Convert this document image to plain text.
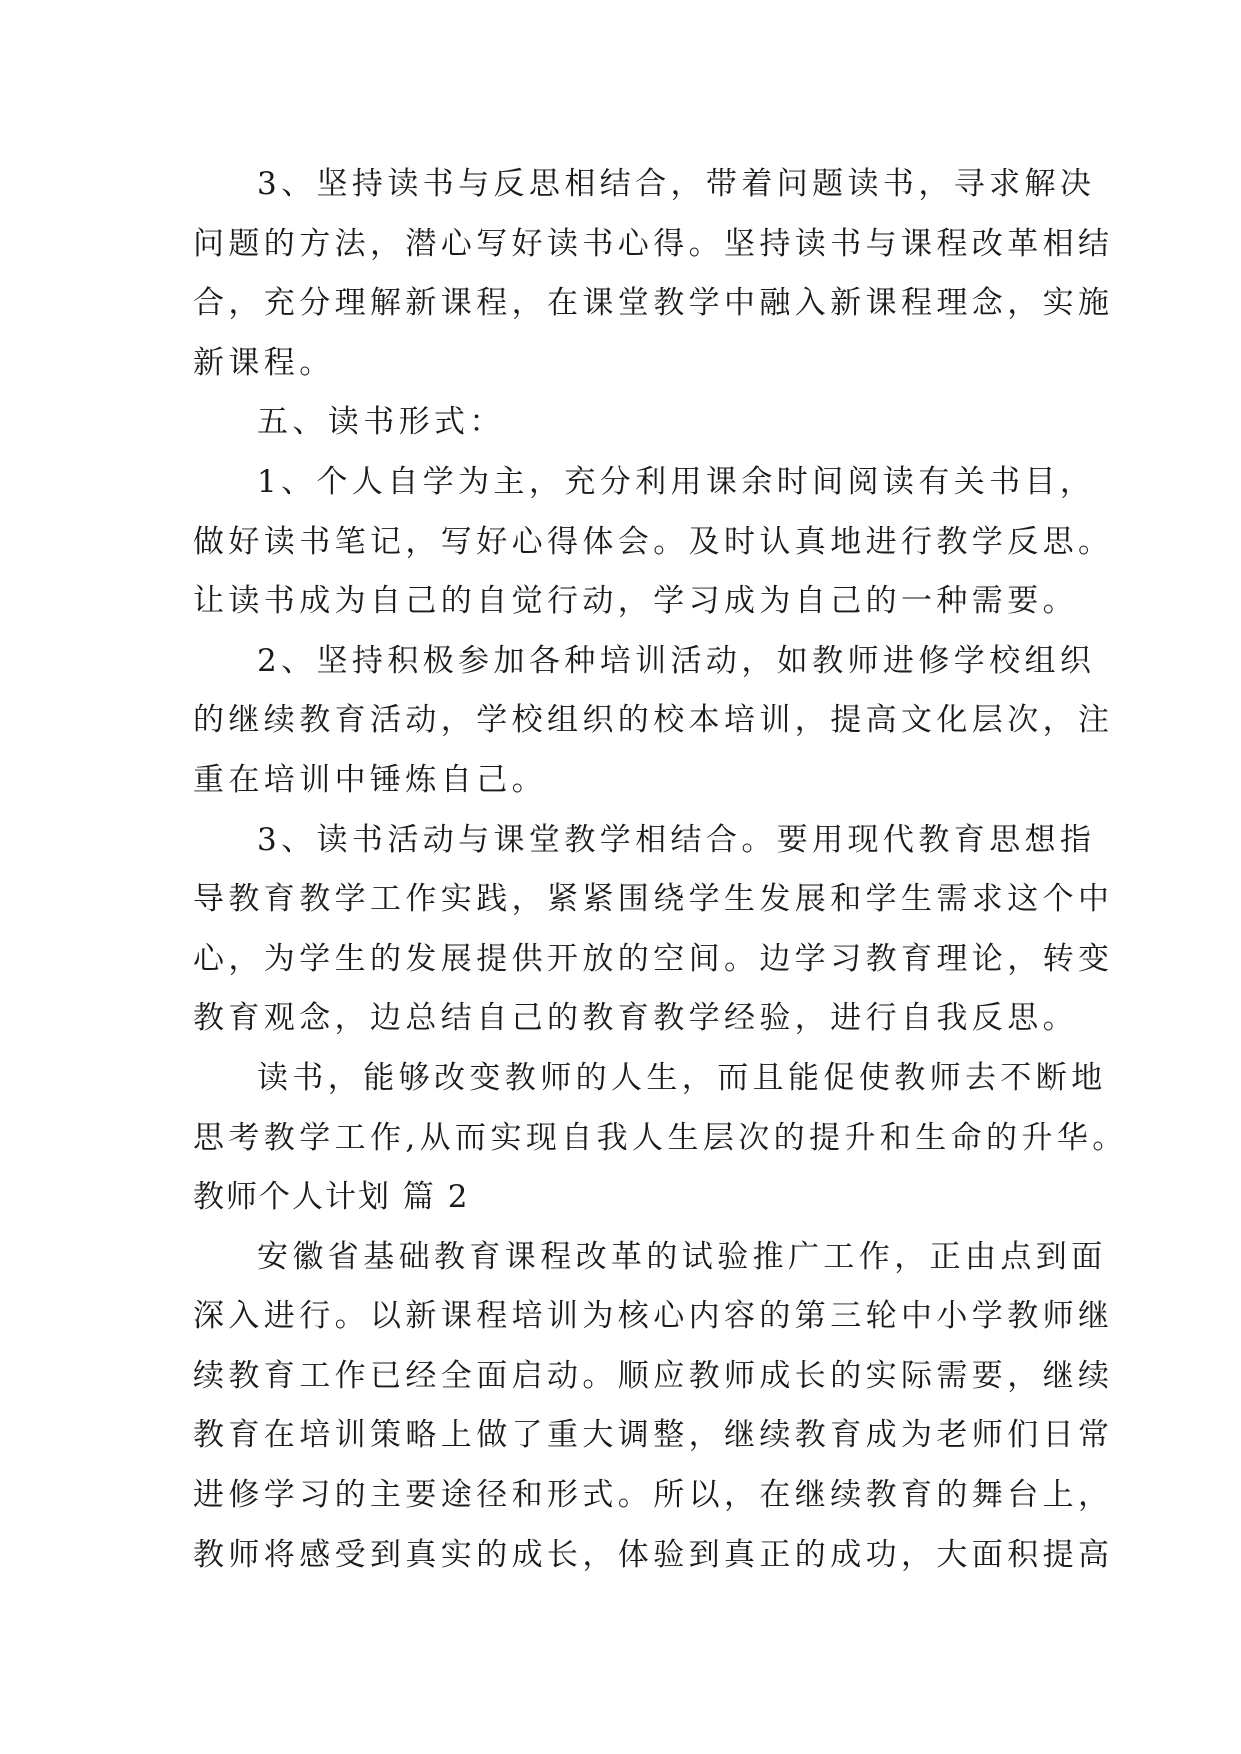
3、坚持读书与反思相结合，带着问题读书，寻求解决
问题的方法，潜心写好读书心得。坚持读书与课程改革相结
合，充分理解新课程，在课堂教学中融入新课程理念，实施
新课程。
五、读书形式：
1、个人自学为主，充分利用课余时间阅读有关书目，
做好读书笔记，写好心得体会。及时认真地进行教学反思。
让读书成为自己的自觉行动，学习成为自己的一种需要。
2、坚持积极参加各种培训活动，如教师进修学校组织
的继续教育活动，学校组织的校本培训，提高文化层次，注
重在培训中锤炼自己。
3、读书活动与课堂教学相结合。要用现代教育思想指
导教育教学工作实践，紧紧围绕学生发展和学生需求这个中
心，为学生的发展提供开放的空间。边学习教育理论，转变
教育观念，边总结自己的教育教学经验，进行自我反思。
读书，能够改变教师的人生，而且能促使教师去不断地
思考教学工作,从而实现自我人生层次的提升和生命的升华。
教师个人计划 篇 2
安徽省基础教育课程改革的试验推广工作，正由点到面
深入进行。以新课程培训为核心内容的第三轮中小学教师继
续教育工作已经全面启动。顺应教师成长的实际需要，继续
教育在培训策略上做了重大调整，继续教育成为老师们日常
进修学习的主要途径和形式。所以，在继续教育的舞台上，
教师将感受到真实的成长，体验到真正的成功，大面积提高
